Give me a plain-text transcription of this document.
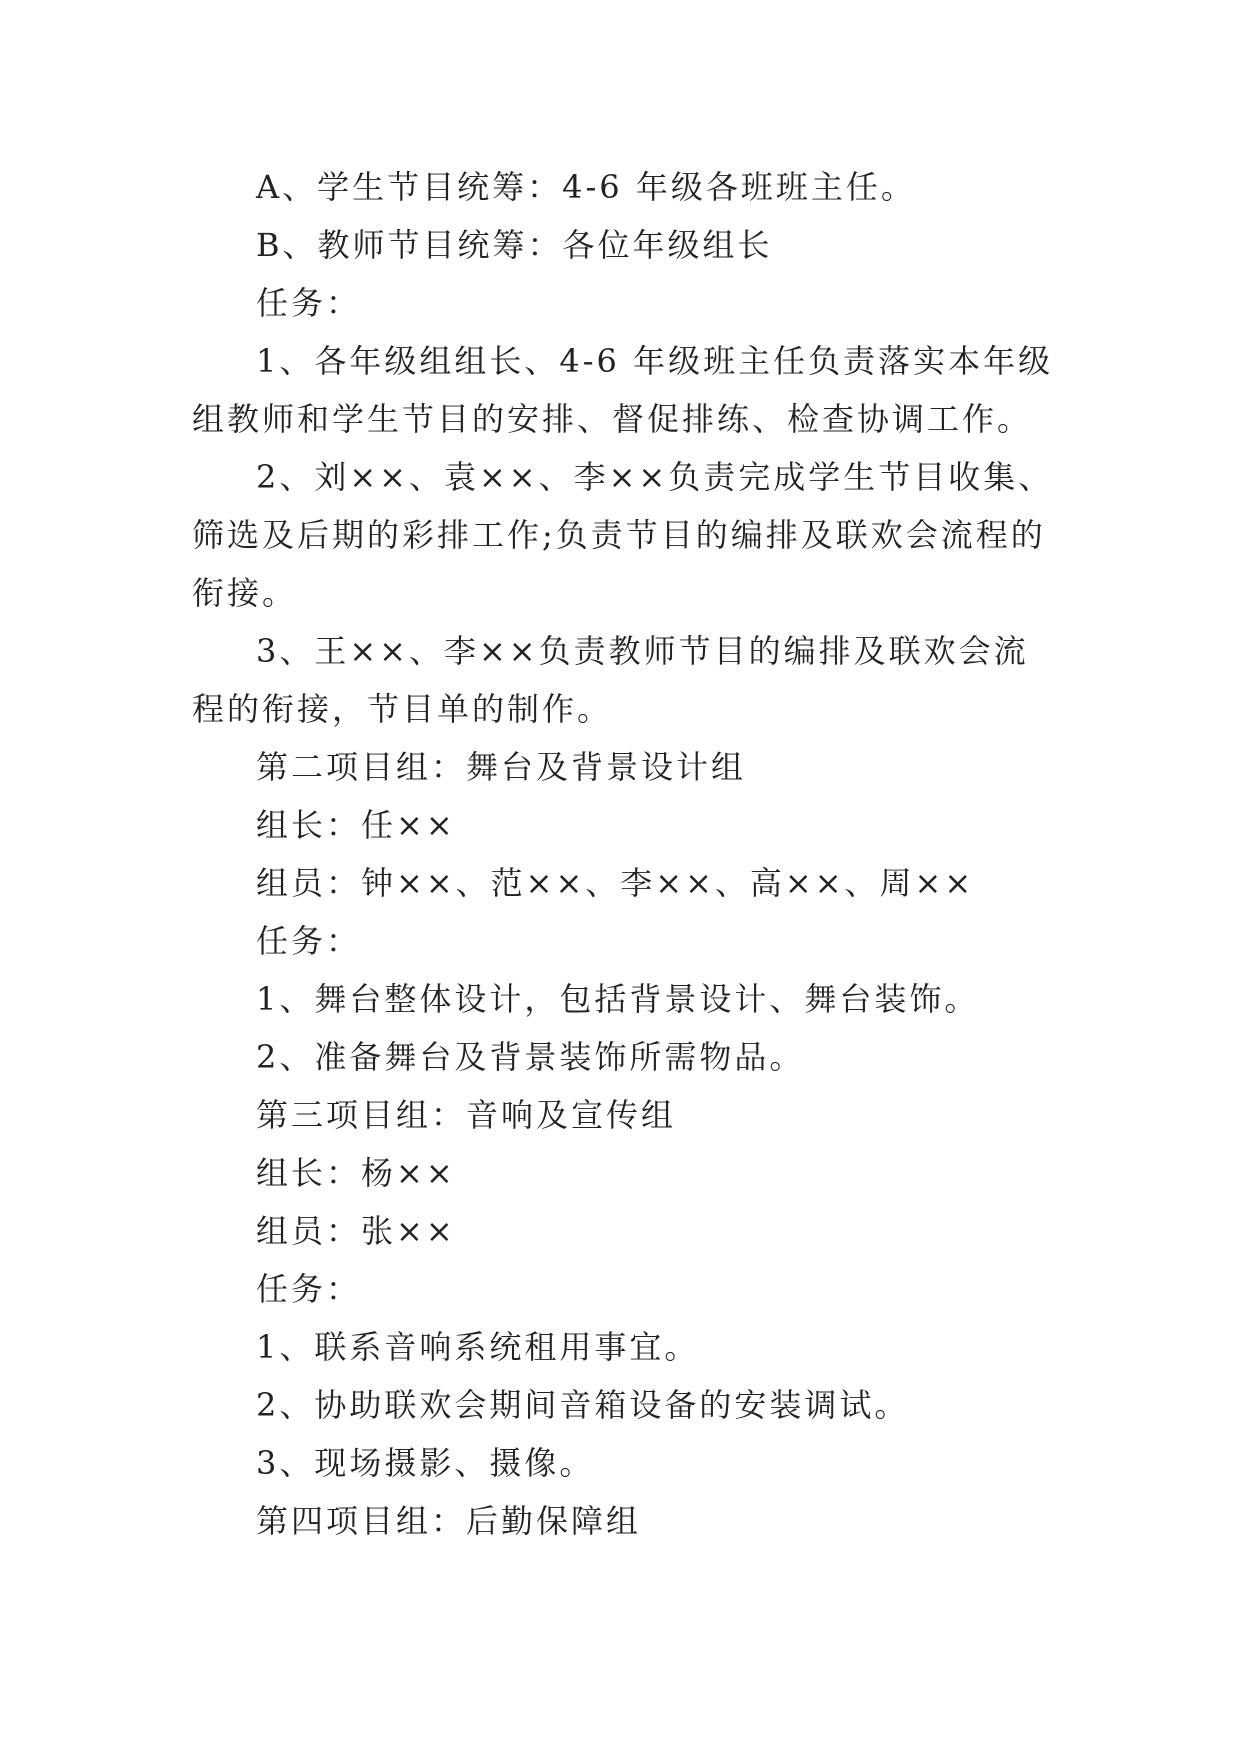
A、学生节目统筹：4-6 年级各班班主任。

B、教师节目统筹：各位年级组长

任务：

1、各年级组组长、4-6 年级班主任负责落实本年级组教师和学生节目的安排、督促排练、检查协调工作。

2、刘××、袁××、李××负责完成学生节目收集、筛选及后期的彩排工作;负责节目的编排及联欢会流程的衔接。

3、王××、李××负责教师节目的编排及联欢会流程的衔接，节目单的制作。

第二项目组：舞台及背景设计组

组长：任××

组员：钟××、范××、李××、高××、周××

任务：

1、舞台整体设计，包括背景设计、舞台装饰。

2、准备舞台及背景装饰所需物品。

第三项目组：音响及宣传组

组长：杨××

组员：张××

任务：

1、联系音响系统租用事宜。

2、协助联欢会期间音箱设备的安装调试。

3、现场摄影、摄像。

第四项目组：后勤保障组
